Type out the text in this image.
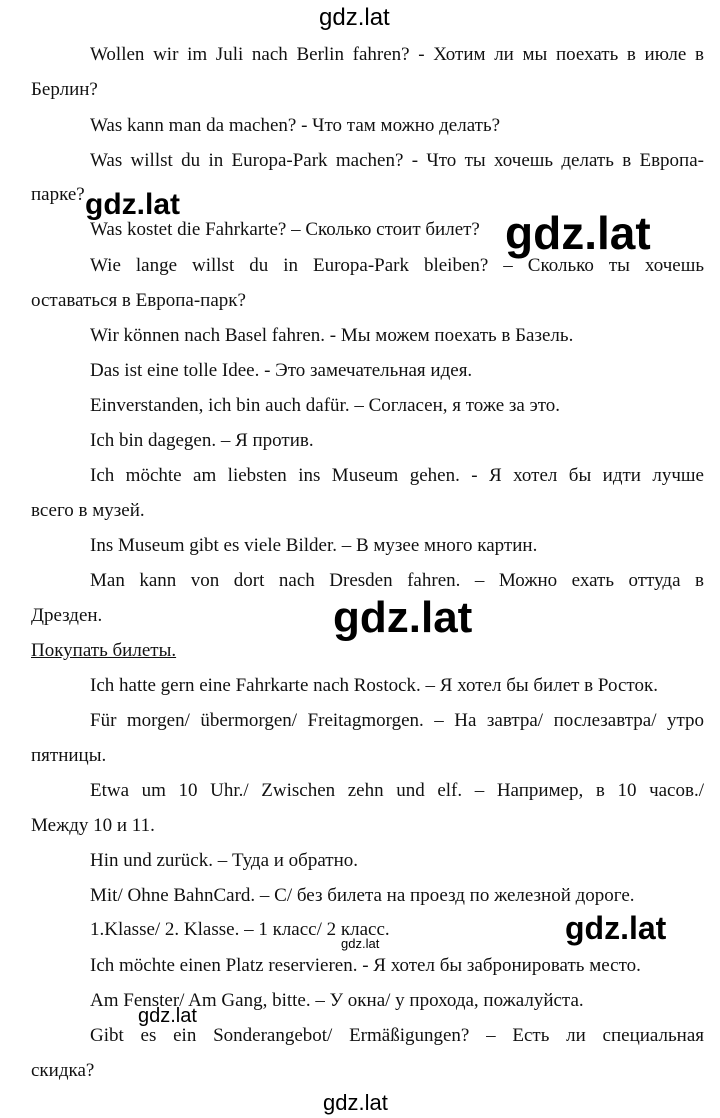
gdz.lat
Wollen wir im Juli nach Berlin fahren? - Хотим ли мы поехать в июле в
Берлин?
Was kann man da machen? - Что там можно делать?
Was willst du in Europa-Park machen? - Что ты хочешь делать в Европа-
парке?
Was kostet die Fahrkarte? – Сколько стоит билет?
Wie lange willst du in Europa-Park bleiben? – Сколько ты хочешь
оставаться в Европа-парк?
Wir können nach Basel fahren. - Мы можем поехать в Базель.
Das ist eine tolle Idee. - Это замечательная идея.
Einverstanden, ich bin auch dafür. – Согласен, я тоже за это.
Ich bin dagegen. – Я против.
Ich möchte am liebsten ins Museum gehen. - Я хотел бы идти лучше
всего в музей.
Ins Museum gibt es viele Bilder. – В музее много картин.
Man kann von dort nach Dresden fahren. – Можно ехать оттуда в
Дрезден.
Покупать билеты.
Ich hatte gern eine Fahrkarte nach Rostock. – Я хотел бы билет в Росток.
Für morgen/ übermorgen/ Freitagmorgen. – На завтра/ послезавтра/ утро
пятницы.
Etwa um 10 Uhr./ Zwischen zehn und elf. – Например, в 10 часов./
Между 10 и 11.
Hin und zurück. – Туда и обратно.
Mit/ Ohne BahnCard. – С/ без билета на проезд по железной дороге.
1.Klasse/ 2. Klasse. – 1 класс/ 2 класс.
Ich möchte einen Platz reservieren. - Я хотел бы забронировать место.
Am Fenster/ Am Gang, bitte. – У окна/ у прохода, пожалуйста.
Gibt es ein Sonderangebot/ Ermäßigungen? – Есть ли специальная
скидка?
gdz.lat
gdz.lat
gdz.lat
gdz.lat
gdz.lat
gdz.lat
gdz.lat
